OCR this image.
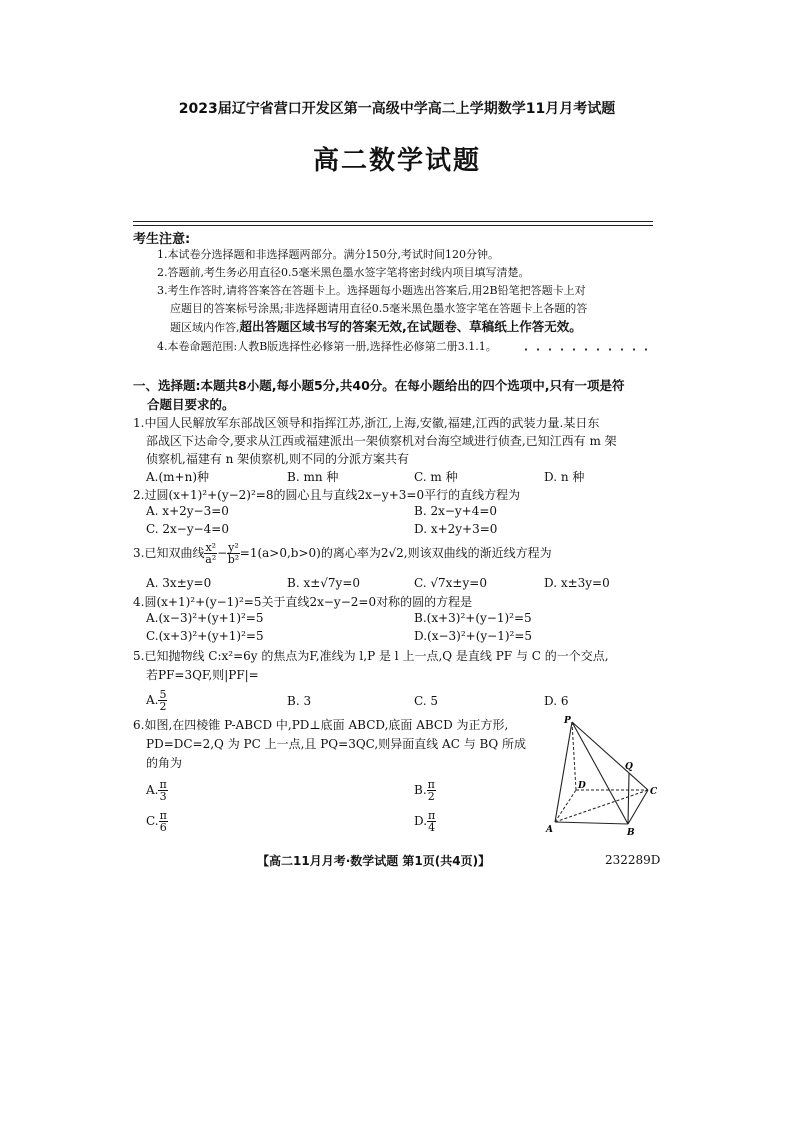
2023届辽宁省营口开发区第一高级中学高二上学期数学11月月考试题
高二数学试题
考生注意:
1.本试卷分选择题和非选择题两部分。满分150分,考试时间120分钟。
2.答题前,考生务必用直径0.5毫米黑色墨水签字笔将密封线内项目填写清楚。
3.考生作答时,请将答案答在答题卡上。选择题每小题选出答案后,用2B铅笔把答题卡上对
应题目的答案标号涂黑;非选择题请用直径0.5毫米黑色墨水签字笔在答题卡上各题的答
题区域内作答,超出答题区域书写的答案无效,在试题卷、草稿纸上作答无效。
4.本卷命题范围:人教B版选择性必修第一册,选择性必修第二册3.1.1。
一、选择题:本题共8小题,每小题5分,共40分。在每小题给出的四个选项中,只有一项是符
合题目要求的。
1.中国人民解放军东部战区领导和指挥江苏,浙江,上海,安徽,福建,江西的武装力量.某日东
部战区下达命令,要求从江西或福建派出一架侦察机对台海空域进行侦查,已知江西有 m 架
侦察机,福建有 n 架侦察机,则不同的分派方案共有
A.(m+n)种	B. mn 种	C. m 种	D. n 种
2.过圆(x+1)²+(y−2)²=8的圆心且与直线2x−y+3=0平行的直线方程为
A. x+2y−3=0	B. 2x−y+4=0
C. 2x−y−4=0	D. x+2y+3=0
3.已知双曲线 $\frac{\text{x²}}{\text{a²}} - \frac{\text{y²}}{\text{b²}} =1(a>0,b>0)$的离心率为2√2,则该双曲线的渐近线方程为
A. 3x±y=0	B. x±√7y=0	C. √7x±y=0	D. x±3y=0
4.圆(x+1)²+(y−1)²=5关于直线2x−y−2=0对称的圆的方程是
A.(x−3)²+(y+1)²=5	B.(x+3)²+(y−1)²=5
C.(x+3)²+(y+1)²=5	D.(x−3)²+(y−1)²=5
5.已知抛物线 C:x²=6y 的焦点为F,准线为 l,P 是 l 上一点,Q 是直线 PF 与 C 的一个交点,
若PF=3QF,则|PF|=
A. $\frac{5}{2}$	B. 3	C. 5	D. 6
6.如图,在四棱锥 P-ABCD 中,PD⊥底面 ABCD,底面 ABCD 为正方形,
PD=DC=2,Q 为 PC 上一点,且 PQ=3QC,则异面直线 AC 与 BQ 所成
的角为
A. $\frac{\pi}{3}$	B. $\frac{\pi}{2}$
C. $\frac{\pi}{6}$	D. $\frac{\pi}{4}$
P
Q
D
C
A	B
【高二11月月考·数学试题 第1页(共4页)】	232289D
